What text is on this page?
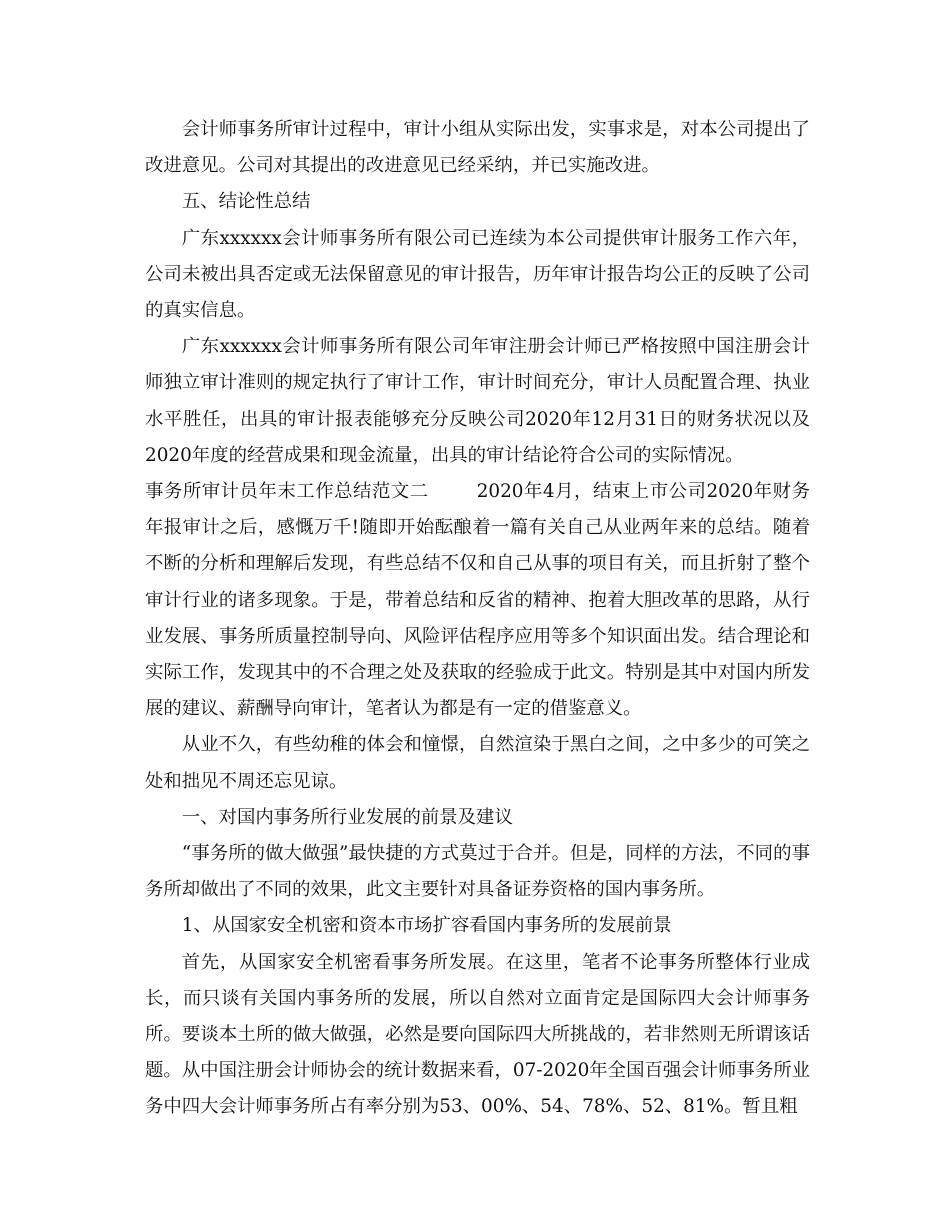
会计师事务所审计过程中，审计小组从实际出发，实事求是，对本公司提出了改进意见。公司对其提出的改进意见已经采纳，并已实施改进。

五、结论性总结

广东xxxxxx会计师事务所有限公司已连续为本公司提供审计服务工作六年，公司未被出具否定或无法保留意见的审计报告，历年审计报告均公正的反映了公司的真实信息。

广东xxxxxx会计师事务所有限公司年审注册会计师已严格按照中国注册会计师独立审计准则的规定执行了审计工作，审计时间充分，审计人员配置合理、执业水平胜任，出具的审计报表能够充分反映公司2020年12月31日的财务状况以及2020年度的经营成果和现金流量，出具的审计结论符合公司的实际情况。

事务所审计员年末工作总结范文二	2020年4月，结束上市公司2020年财务年报审计之后，感慨万千!随即开始酝酿着一篇有关自己从业两年来的总结。随着不断的分析和理解后发现，有些总结不仅和自己从事的项目有关，而且折射了整个审计行业的诸多现象。于是，带着总结和反省的精神、抱着大胆改革的思路，从行业发展、事务所质量控制导向、风险评估程序应用等多个知识面出发。结合理论和实际工作，发现其中的不合理之处及获取的经验成于此文。特别是其中对国内所发展的建议、薪酬导向审计，笔者认为都是有一定的借鉴意义。

从业不久，有些幼稚的体会和憧憬，自然渲染于黑白之间，之中多少的可笑之处和拙见不周还忘见谅。

一、对国内事务所行业发展的前景及建议

“事务所的做大做强”最快捷的方式莫过于合并。但是，同样的方法，不同的事务所却做出了不同的效果，此文主要针对具备证券资格的国内事务所。

1、从国家安全机密和资本市场扩容看国内事务所的发展前景

首先，从国家安全机密看事务所发展。在这里，笔者不论事务所整体行业成长，而只谈有关国内事务所的发展，所以自然对立面肯定是国际四大会计师事务所。要谈本土所的做大做强，必然是要向国际四大所挑战的，若非然则无所谓该话题。从中国注册会计师协会的统计数据来看，07-2020年全国百强会计师事务所业务中四大会计师事务所占有率分别为53、00%、54、78%、52、81%。暂且粗
